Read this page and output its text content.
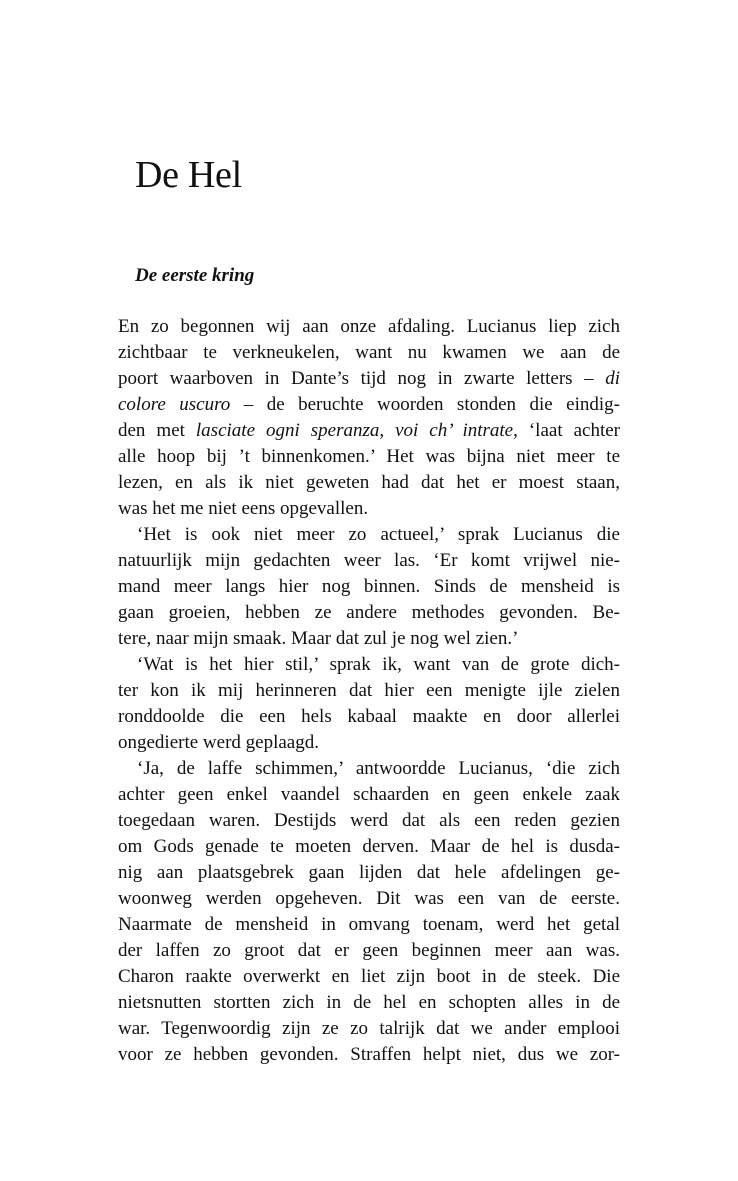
De Hel
De eerste kring
En zo begonnen wij aan onze afdaling. Lucianus liep zich
zichtbaar te verkneukelen, want nu kwamen we aan de
poort waarboven in Dante’s tijd nog in zwarte letters – di
colore uscuro – de beruchte woorden stonden die eindig-
den met lasciate ogni speranza, voi ch’ intrate, ‘laat achter
alle hoop bij ’t binnenkomen.’ Het was bijna niet meer te
lezen, en als ik niet geweten had dat het er moest staan,
was het me niet eens opgevallen.
‘Het is ook niet meer zo actueel,’ sprak Lucianus die
natuurlijk mijn gedachten weer las. ‘Er komt vrijwel nie-
mand meer langs hier nog binnen. Sinds de mensheid is
gaan groeien, hebben ze andere methodes gevonden. Be-
tere, naar mijn smaak. Maar dat zul je nog wel zien.’
‘Wat is het hier stil,’ sprak ik, want van de grote dich-
ter kon ik mij herinneren dat hier een menigte ijle zielen
ronddoolde die een hels kabaal maakte en door allerlei
ongedierte werd geplaagd.
‘Ja, de laffe schimmen,’ antwoordde Lucianus, ‘die zich
achter geen enkel vaandel schaarden en geen enkele zaak
toegedaan waren. Destijds werd dat als een reden gezien
om Gods genade te moeten derven. Maar de hel is dusda-
nig aan plaatsgebrek gaan lijden dat hele afdelingen ge-
woonweg werden opgeheven. Dit was een van de eerste.
Naarmate de mensheid in omvang toenam, werd het getal
der laffen zo groot dat er geen beginnen meer aan was.
Charon raakte overwerkt en liet zijn boot in de steek. Die
nietsnutten stortten zich in de hel en schopten alles in de
war. Tegenwoordig zijn ze zo talrijk dat we ander emplooi
voor ze hebben gevonden. Straffen helpt niet, dus we zor-
